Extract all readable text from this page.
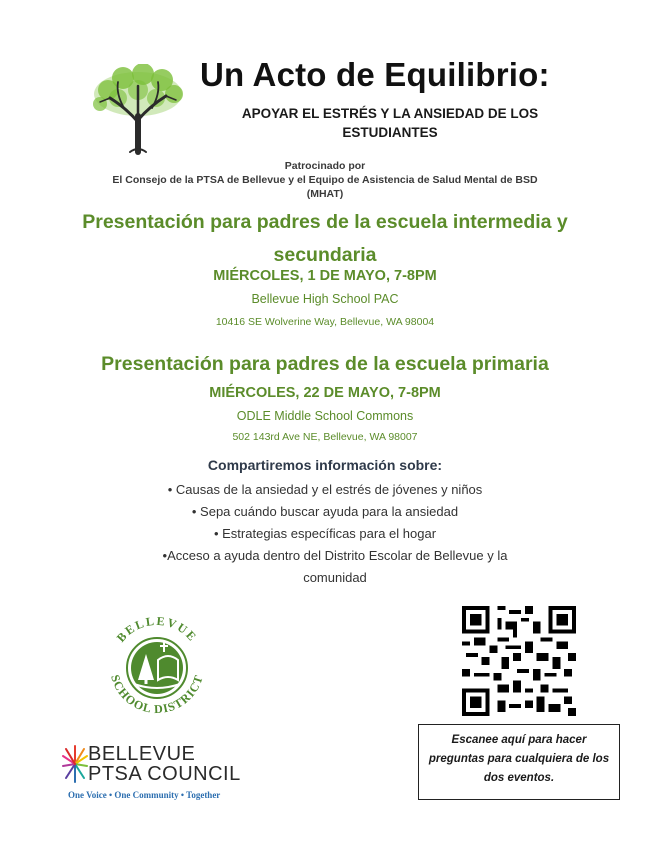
Un Acto de Equilibrio:
APOYAR EL ESTRÉS Y LA ANSIEDAD DE LOS ESTUDIANTES
Patrocinado por
El Consejo de la PTSA de Bellevue y el Equipo de Asistencia de Salud Mental de BSD
(MHAT)
Presentación para padres de la escuela intermedia y
secundaria
MIÉRCOLES, 1 DE MAYO, 7-8PM
Bellevue High School PAC
10416 SE Wolverine Way, Bellevue, WA 98004
Presentación para padres de la escuela primaria
MIÉRCOLES, 22 DE MAYO, 7-8PM
ODLE Middle School Commons
502 143rd Ave NE, Bellevue, WA 98007
Compartiremos información sobre:
• Causas de la ansiedad y el estrés de jóvenes y niños
• Sepa cuándo buscar ayuda para la ansiedad
• Estrategias específicas para el hogar
•Acceso a ayuda dentro del Distrito Escolar de Bellevue y la comunidad
BELLEVUE
SCHOOL DISTRICT
Escanee aquí para hacer preguntas para cualquiera de los dos eventos.
BELLEVUE
PTSA COUNCIL
One Voice • One Community • Together
